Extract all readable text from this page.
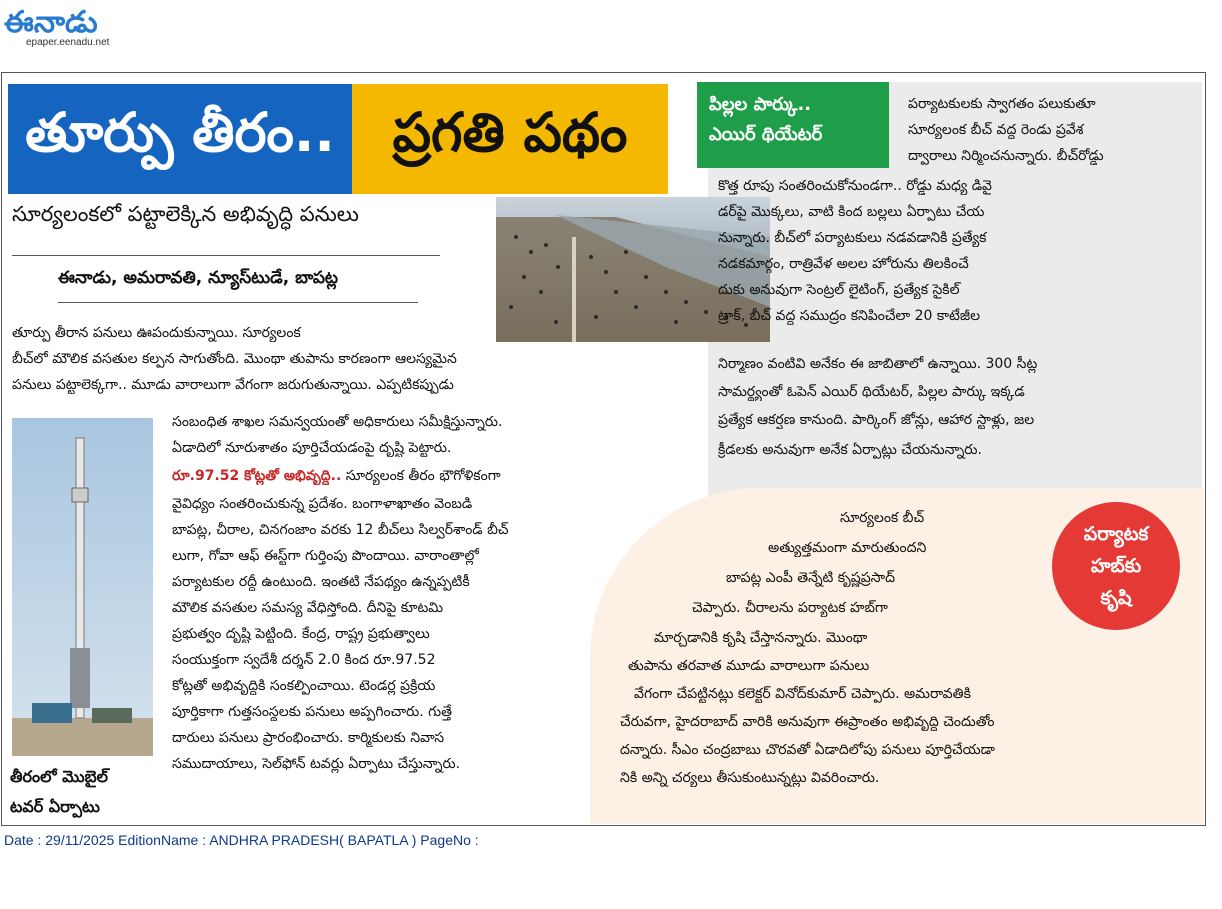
ఈనాడు
epaper.eenadu.net
తూర్పు తీరం..	ప్రగతి పథం
సూర్యలంకలో పట్టాలెక్కిన అభివృద్ధి పనులు
ఈనాడు, అమరావతి, న్యూస్‌టుడే, బాపట్ల
తీరంలో మొబైల్
టవర్ ఏర్పాటు
తూర్పు తీరాన పనులు ఊపందుకున్నాయి. సూర్యలంక
బీచ్‌లో మౌలిక వసతుల కల్పన సాగుతోంది. మొంథా తుపాను కారణంగా ఆలస్యమైన
పనులు పట్టాలెక్కగా.. మూడు వారాలుగా వేగంగా జరుగుతున్నాయి. ఎప్పటికప్పుడు
సంబంధిత శాఖల సమన్వయంతో అధికారులు సమీక్షిస్తున్నారు.
ఏడాదిలో నూరుశాతం పూర్తిచేయడంపై దృష్టి పెట్టారు.
రూ.97.52 కోట్లతో అభివృద్ధి.. సూర్యలంక తీరం భౌగోళికంగా
వైవిధ్యం సంతరించుకున్న ప్రదేశం. బంగాళాఖాతం వెంబడి
బాపట్ల, చీరాల, చినగంజాం వరకు 12 బీచ్‌లు సిల్వర్‌శాండ్ బీచ్
లుగా, గోవా ఆఫ్ ఈస్ట్‌గా గుర్తింపు పొందాయి. వారాంతాల్లో
పర్యాటకుల రద్దీ ఉంటుంది. ఇంతటి నేపథ్యం ఉన్నప్పటికీ
మౌలిక వసతుల సమస్య వేధిస్తోంది. దీనిపై కూటమి
ప్రభుత్వం దృష్టి పెట్టింది. కేంద్ర, రాష్ట్ర ప్రభుత్వాలు
సంయుక్తంగా స్వదేశీ దర్శన్ 2.0 కింద రూ.97.52
కోట్లతో అభివృద్ధికి సంకల్పించాయి. టెండర్ల ప్రక్రియ
పూర్తికాగా గుత్తసంస్థలకు పనులు అప్పగించారు. గుత్తే
దారులు పనులు ప్రారంభించారు. కార్మికులకు నివాస
సముదాయాలు, సెల్‌ఫోన్ టవర్లు ఏర్పాటు చేస్తున్నారు.
పిల్లల పార్కు..
ఎయిర్ థియేటర్
పర్యాటకులకు స్వాగతం పలుకుతూ
సూర్యలంక బీచ్ వద్ద రెండు ప్రవేశ
ద్వారాలు నిర్మించనున్నారు. బీచ్‌రోడ్డు
కొత్త రూపు సంతరించుకోనుండగా.. రోడ్డు మధ్య డివై
డర్‌పై మొక్కలు, వాటి కింద బల్లలు ఏర్పాటు చేయ
నున్నారు. బీచ్‌లో పర్యాటకులు నడవడానికి ప్రత్యేక
నడకమార్గం, రాత్రివేళ అలల హోరును తిలకించే
దుకు అనువుగా సెంట్రల్ లైటింగ్, ప్రత్యేక సైకిల్
ట్రాక్, బీచ్ వద్ద సముద్రం కనిపించేలా 20 కాటేజీల
నిర్మాణం వంటివి అనేకం ఈ జాబితాలో ఉన్నాయి. 300 సీట్ల
సామర్థ్యంతో ఓపెన్ ఎయిర్ థియేటర్, పిల్లల పార్కు ఇక్కడ
ప్రత్యేక ఆకర్షణ కానుంది. పార్కింగ్ జోన్లు, ఆహార స్టాళ్లు, జల
క్రీడలకు అనువుగా అనేక ఏర్పాట్లు చేయనున్నారు.
పర్యాటక
హబ్‌కు
కృషి
సూర్యలంక బీచ్
అత్యుత్తమంగా మారుతుందని
బాపట్ల ఎంపీ తెన్నేటి కృష్ణప్రసాద్
చెప్పారు. చీరాలను పర్యాటక హబ్‌గా
మార్చడానికి కృషి చేస్తానన్నారు. మొంథా
తుపాను తరవాత మూడు వారాలుగా పనులు
వేగంగా చేపట్టినట్లు కలెక్టర్ వినోద్‌కుమార్ చెప్పారు. అమరావతికి
చేరువగా, హైదరాబాద్ వారికి అనువుగా ఈప్రాంతం అభివృద్ధి చెందుతోం
దన్నారు. సీఎం చంద్రబాబు చొరవతో ఏడాదిలోపు పనులు పూర్తిచేయడా
నికి అన్ని చర్యలు తీసుకుంటున్నట్లు వివరించారు.
Date : 29/11/2025 EditionName : ANDHRA PRADESH( BAPATLA ) PageNo :
